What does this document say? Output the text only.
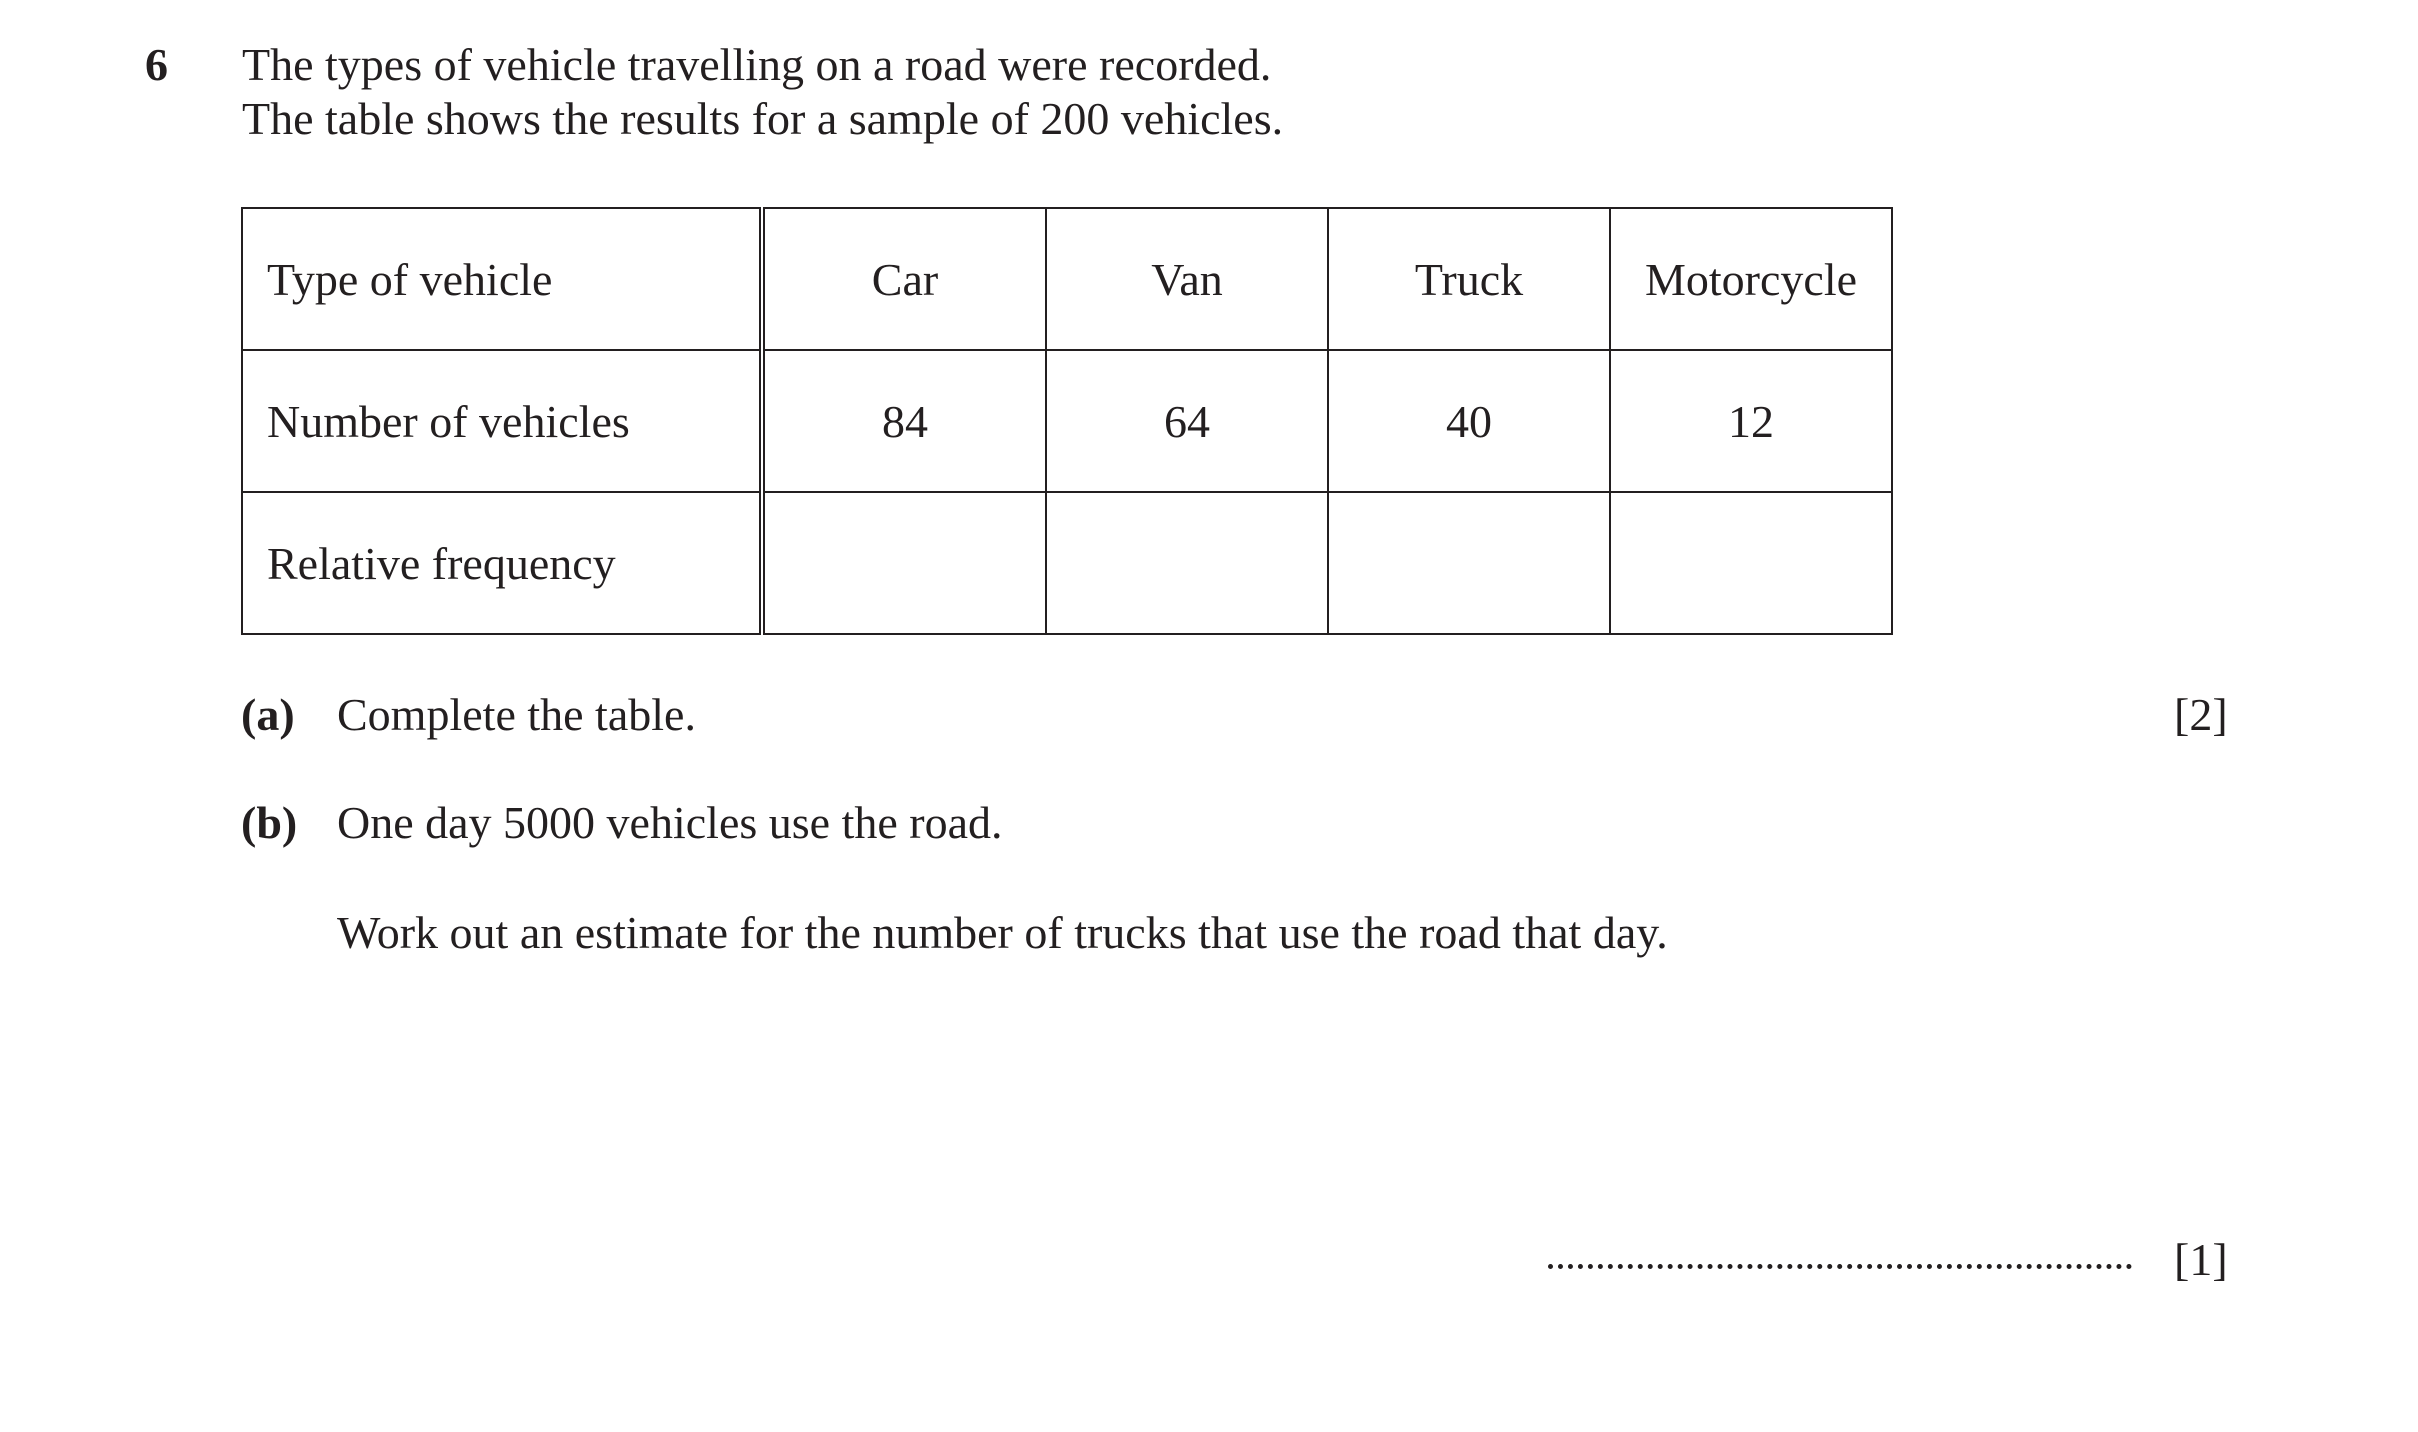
6 The types of vehicle travelling on a road were recorded.
The table shows the results for a sample of 200 vehicles.
Type of vehicle	Car	Van	Truck	Motorcycle
Number of vehicles	84	64	40	12
Relative frequency				
(a) Complete the table.	[2]
(b) One day 5000 vehicles use the road.
Work out an estimate for the number of trucks that use the road that day.
[1]
